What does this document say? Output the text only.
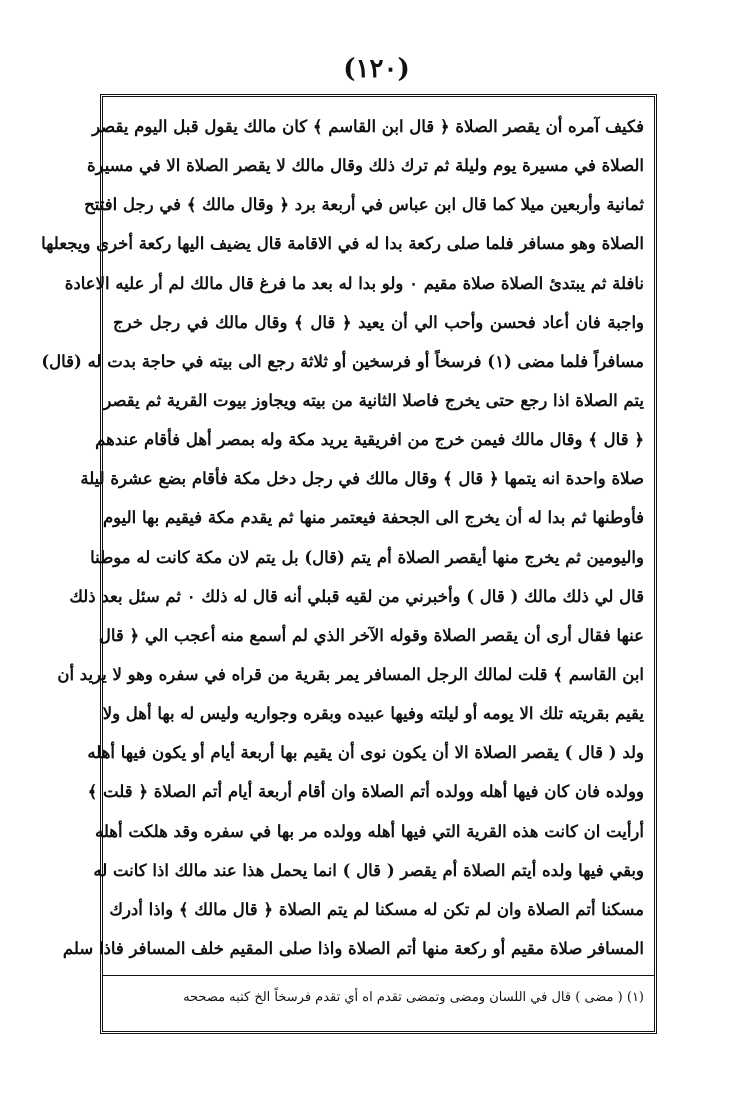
(١٢٠)
فكيف آمره أن يقصر الصلاة ﴿ قال ابن القاسم ﴾ كان مالك يقول قبل اليوم يقصر
الصلاة في مسيرة يوم وليلة ثم ترك ذلك وقال مالك لا يقصر الصلاة الا في مسيرة
ثمانية وأربعين ميلا كما قال ابن عباس في أربعة برد ﴿ وقال مالك ﴾ في رجل افتتح
الصلاة وهو مسافر فلما صلى ركعة بدا له في الاقامة قال يضيف اليها ركعة أخرى ويجعلها
نافلة ثم يبتدئ الصلاة صلاة مقيم ٠ ولو بدا له بعد ما فرغ قال مالك لم أر عليه الاعادة
واجبة فان أعاد فحسن وأحب الي أن يعيد ﴿ قال ﴾ وقال مالك في رجل خرج
مسافراً فلما مضى (١) فرسخاً أو فرسخين أو ثلاثة رجع الى بيته في حاجة بدت له (قال)
يتم الصلاة اذا رجع حتى يخرج فاصلا الثانية من بيته ويجاوز بيوت القرية ثم يقصر
﴿ قال ﴾ وقال مالك فيمن خرج من افريقية يريد مكة وله بمصر أهل فأقام عندهم
صلاة واحدة انه يتمها ﴿ قال ﴾ وقال مالك في رجل دخل مكة فأقام بضع عشرة ليلة
فأوطنها ثم بدا له أن يخرج الى الجحفة فيعتمر منها ثم يقدم مكة فيقيم بها اليوم
واليومين ثم يخرج منها أيقصر الصلاة أم يتم (قال) بل يتم لان مكة كانت له موطنا
قال لي ذلك مالك ( قال ) وأخبرني من لقيه قبلي أنه قال له ذلك ٠ ثم سئل بعد ذلك
عنها فقال أرى أن يقصر الصلاة وقوله الآخر الذي لم أسمع منه أعجب الي ﴿ قال
ابن القاسم ﴾ قلت لمالك الرجل المسافر يمر بقرية من قراه في سفره وهو لا يريد أن
يقيم بقريته تلك الا يومه أو ليلته وفيها عبيده وبقره وجواريه وليس له بها أهل ولا
ولد ( قال ) يقصر الصلاة الا أن يكون نوى أن يقيم بها أربعة أيام أو يكون فيها أهله
وولده فان كان فيها أهله وولده أتم الصلاة وان أقام أربعة أيام أتم الصلاة ﴿ قلت ﴾
أرأيت ان كانت هذه القرية التي فيها أهله وولده مر بها في سفره وقد هلكت أهله
وبقي فيها ولده أيتم الصلاة أم يقصر ( قال ) انما يحمل هذا عند مالك اذا كانت له
مسكنا أتم الصلاة وان لم تكن له مسكنا لم يتم الصلاة ﴿ قال مالك ﴾ واذا أدرك
المسافر صلاة مقيم أو ركعة منها أتم الصلاة واذا صلى المقيم خلف المسافر فاذا سلم
(١) ( مضى ) قال في اللسان ومضى وتمضى تقدم اه أي تقدم فرسخاً الخ كتبه مصححه
